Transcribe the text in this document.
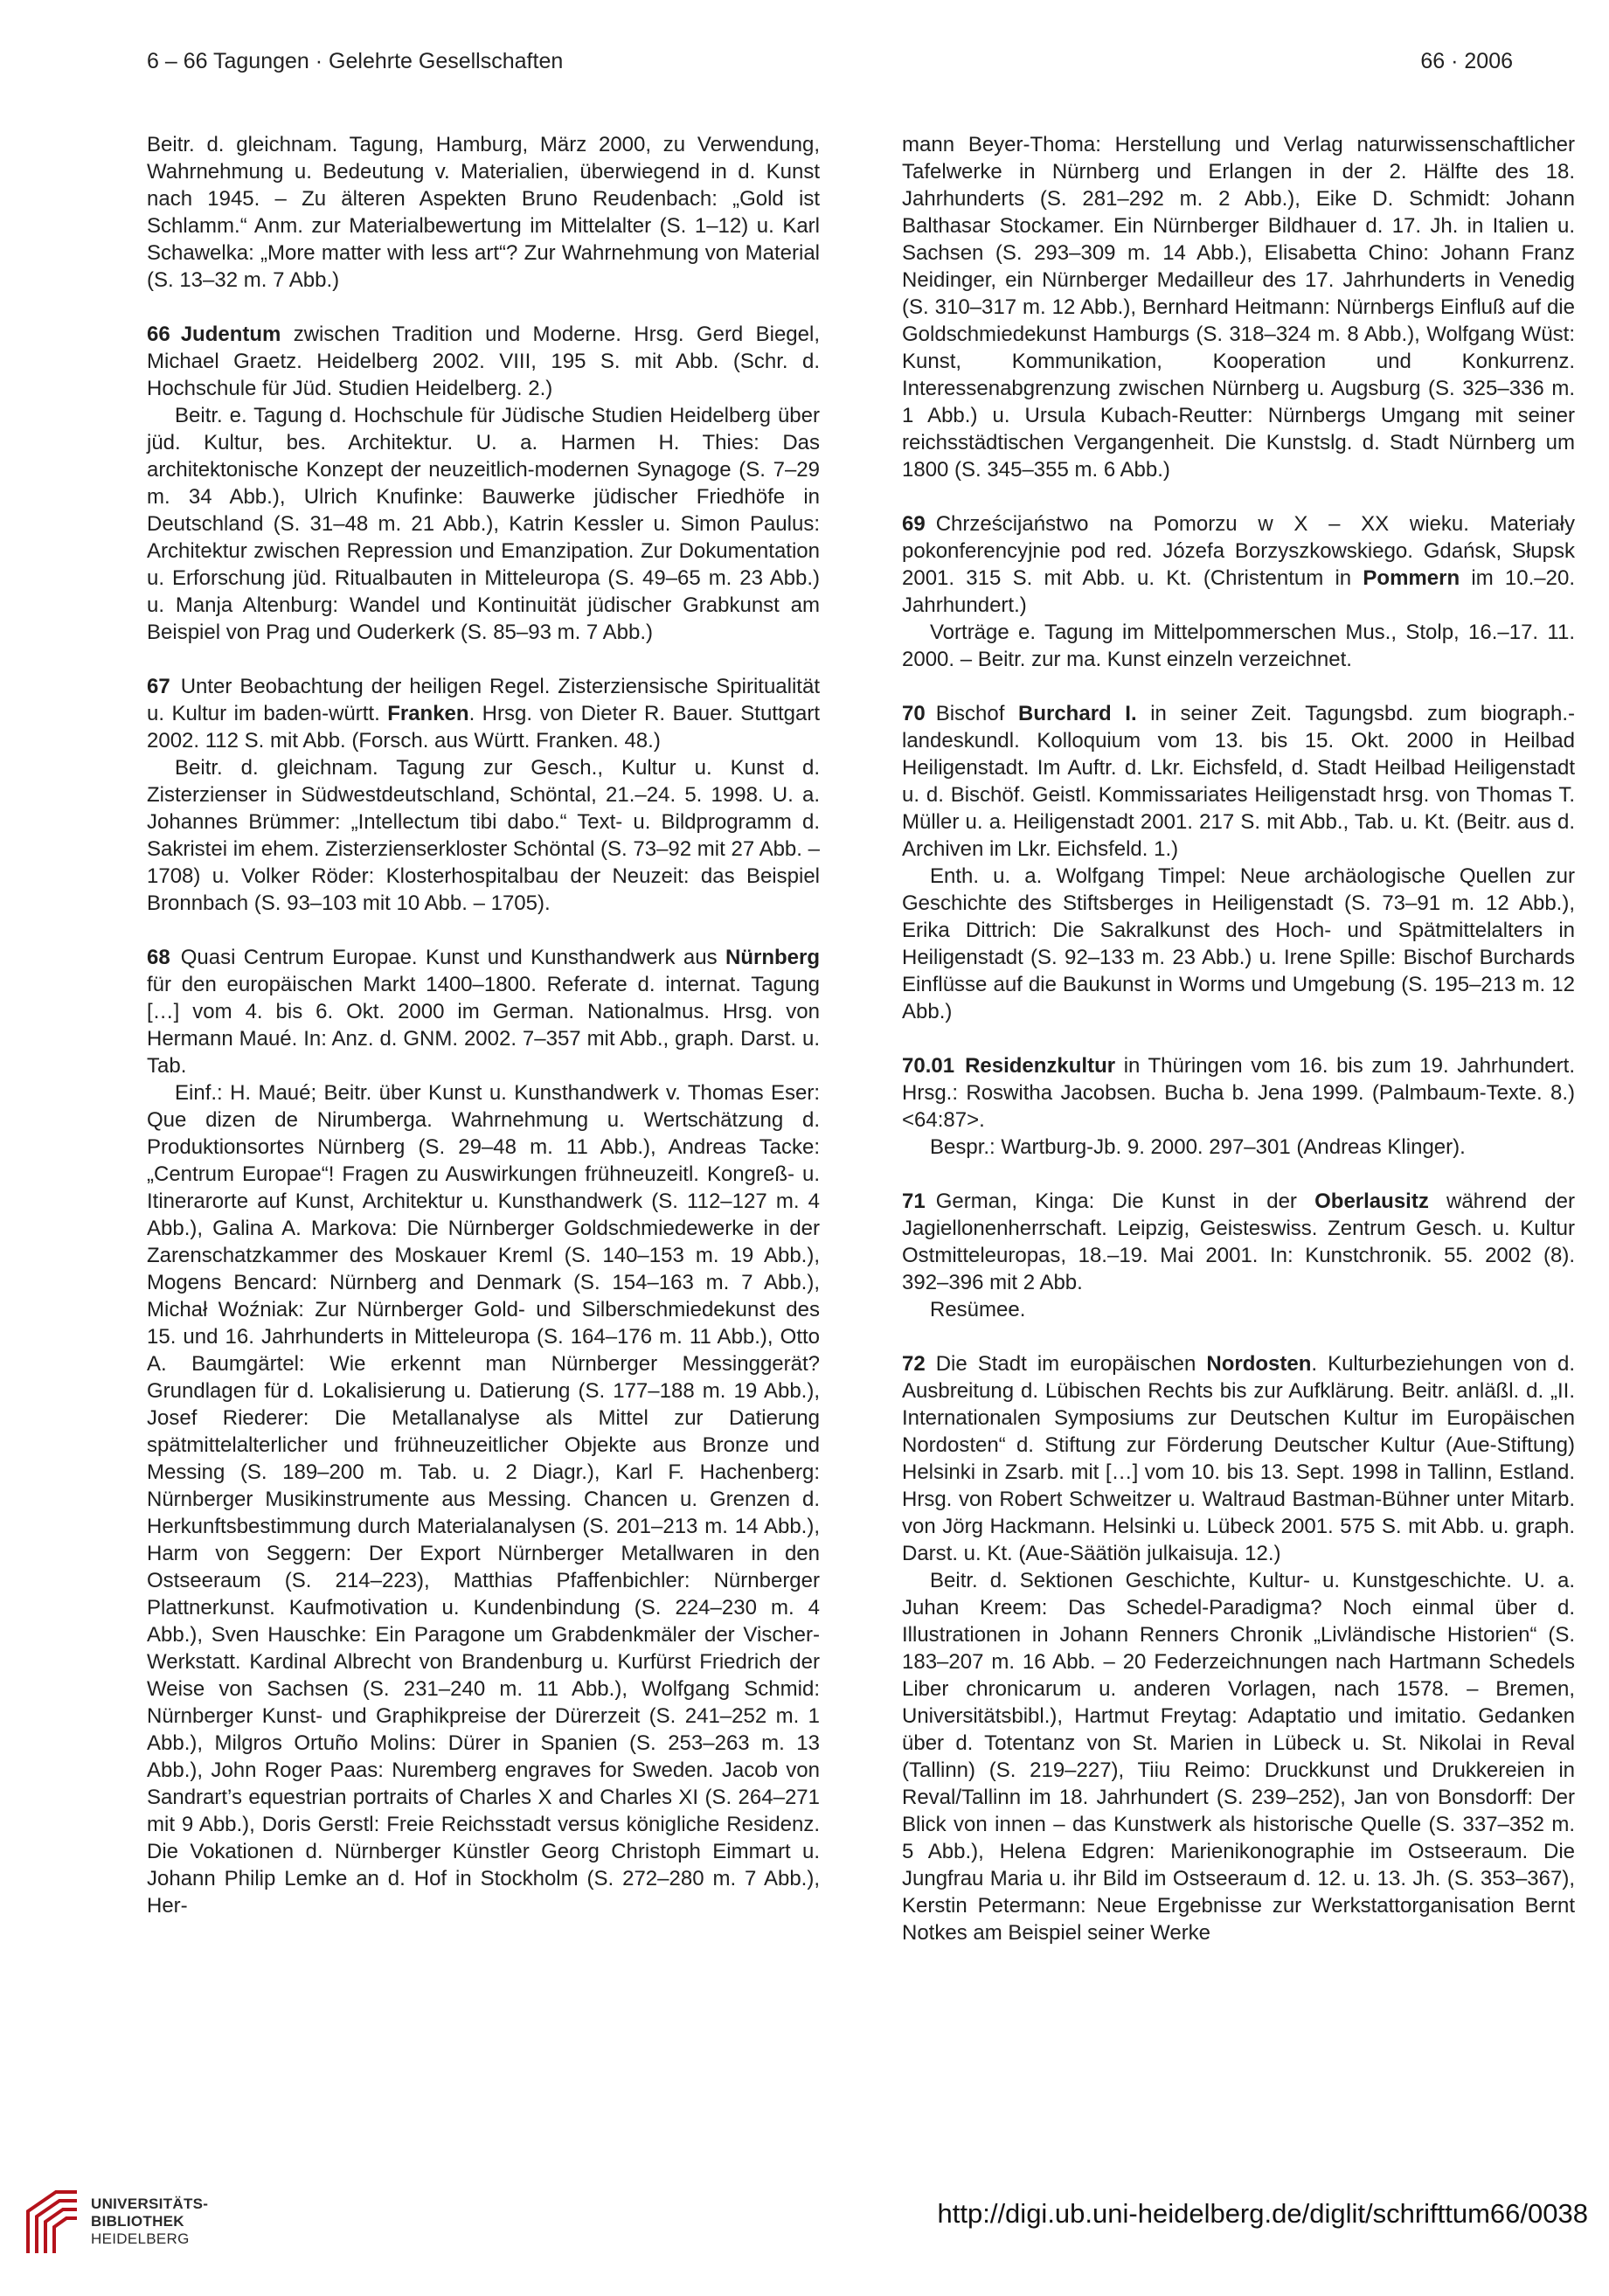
6 – 66 Tagungen · Gelehrte Gesellschaften	66 · 2006

Beitr. d. gleichnam. Tagung, Hamburg, März 2000, zu Verwendung, Wahrnehmung u. Bedeutung v. Materialien, überwiegend in d. Kunst nach 1945. – Zu älteren Aspekten Bruno Reudenbach: „Gold ist Schlamm.“ Anm. zur Materialbewertung im Mittelalter (S. 1–12) u. Karl Schawelka: „More matter with less art“? Zur Wahrnehmung von Material (S. 13–32 m. 7 Abb.)

66 Judentum zwischen Tradition und Moderne. Hrsg. Gerd Biegel, Michael Graetz. Heidelberg 2002. VIII, 195 S. mit Abb. (Schr. d. Hochschule für Jüd. Studien Heidelberg. 2.)

Beitr. e. Tagung d. Hochschule für Jüdische Studien Heidelberg über jüd. Kultur, bes. Architektur. U. a. Harmen H. Thies: Das architektonische Konzept der neuzeitlich-modernen Synagoge (S. 7–29 m. 34 Abb.), Ulrich Knufinke: Bauwerke jüdischer Friedhöfe in Deutschland (S. 31–48 m. 21 Abb.), Katrin Kessler u. Simon Paulus: Architektur zwischen Repression und Emanzipation. Zur Dokumentation u. Erforschung jüd. Ritualbauten in Mitteleuropa (S. 49–65 m. 23 Abb.) u. Manja Altenburg: Wandel und Kontinuität jüdischer Grabkunst am Beispiel von Prag und Ouderkerk (S. 85–93 m. 7 Abb.)

67 Unter Beobachtung der heiligen Regel. Zisterziensische Spiritualität u. Kultur im baden-württ. Franken. Hrsg. von Dieter R. Bauer. Stuttgart 2002. 112 S. mit Abb. (Forsch. aus Württ. Franken. 48.)

Beitr. d. gleichnam. Tagung zur Gesch., Kultur u. Kunst d. Zisterzienser in Südwestdeutschland, Schöntal, 21.–24. 5. 1998. U. a. Johannes Brümmer: „Intellectum tibi dabo.“ Text- u. Bildprogramm d. Sakristei im ehem. Zisterzienserkloster Schöntal (S. 73–92 mit 27 Abb. – 1708) u. Volker Röder: Klosterhospitalbau der Neuzeit: das Beispiel Bronnbach (S. 93–103 mit 10 Abb. – 1705).

68 Quasi Centrum Europae. Kunst und Kunsthandwerk aus Nürnberg für den europäischen Markt 1400–1800. Referate d. internat. Tagung […] vom 4. bis 6. Okt. 2000 im German. Nationalmus. Hrsg. von Hermann Maué. In: Anz. d. GNM. 2002. 7–357 mit Abb., graph. Darst. u. Tab.

Einf.: H. Maué; Beitr. über Kunst u. Kunsthandwerk v. Thomas Eser: Que dizen de Nirumberga. Wahrnehmung u. Wertschätzung d. Produktionsortes Nürnberg (S. 29–48 m. 11 Abb.), Andreas Tacke: „Centrum Europae“! Fragen zu Auswirkungen frühneuzeitl. Kongreß- u. Itinerarorte auf Kunst, Architektur u. Kunsthandwerk (S. 112–127 m. 4 Abb.), Galina A. Markova: Die Nürnberger Goldschmiedewerke in der Zarenschatzkammer des Moskauer Kreml (S. 140–153 m. 19 Abb.), Mogens Bencard: Nürnberg and Denmark (S. 154–163 m. 7 Abb.), Michał Woźniak: Zur Nürnberger Gold- und Silberschmiedekunst des 15. und 16. Jahrhunderts in Mitteleuropa (S. 164–176 m. 11 Abb.), Otto A. Baumgärtel: Wie erkennt man Nürnberger Messinggerät? Grundlagen für d. Lokalisierung u. Datierung (S. 177–188 m. 19 Abb.), Josef Riederer: Die Metallanalyse als Mittel zur Datierung spätmittelalterlicher und frühneuzeitlicher Objekte aus Bronze und Messing (S. 189–200 m. Tab. u. 2 Diagr.), Karl F. Hachenberg: Nürnberger Musikinstrumente aus Messing. Chancen u. Grenzen d. Herkunftsbestimmung durch Materialanalysen (S. 201–213 m. 14 Abb.), Harm von Seggern: Der Export Nürnberger Metallwaren in den Ostseeraum (S. 214–223), Matthias Pfaffenbichler: Nürnberger Plattnerkunst. Kaufmotivation u. Kundenbindung (S. 224–230 m. 4 Abb.), Sven Hauschke: Ein Paragone um Grabdenkmäler der Vischer-Werkstatt. Kardinal Albrecht von Brandenburg u. Kurfürst Friedrich der Weise von Sachsen (S. 231–240 m. 11 Abb.), Wolfgang Schmid: Nürnberger Kunst- und Graphikpreise der Dürerzeit (S. 241–252 m. 1 Abb.), Milgros Ortuño Molins: Dürer in Spanien (S. 253–263 m. 13 Abb.), John Roger Paas: Nuremberg engraves for Sweden. Jacob von Sandrart’s equestrian portraits of Charles X and Charles XI (S. 264–271 mit 9 Abb.), Doris Gerstl: Freie Reichsstadt versus königliche Residenz. Die Vokationen d. Nürnberger Künstler Georg Christoph Eimmart u. Johann Philip Lemke an d. Hof in Stockholm (S. 272–280 m. 7 Abb.), Her-

mann Beyer-Thoma: Herstellung und Verlag naturwissenschaftlicher Tafelwerke in Nürnberg und Erlangen in der 2. Hälfte des 18. Jahrhunderts (S. 281–292 m. 2 Abb.), Eike D. Schmidt: Johann Balthasar Stockamer. Ein Nürnberger Bildhauer d. 17. Jh. in Italien u. Sachsen (S. 293–309 m. 14 Abb.), Elisabetta Chino: Johann Franz Neidinger, ein Nürnberger Medailleur des 17. Jahrhunderts in Venedig (S. 310–317 m. 12 Abb.), Bernhard Heitmann: Nürnbergs Einfluß auf die Goldschmiedekunst Hamburgs (S. 318–324 m. 8 Abb.), Wolfgang Wüst: Kunst, Kommunikation, Kooperation und Konkurrenz. Interessenabgrenzung zwischen Nürnberg u. Augsburg (S. 325–336 m. 1 Abb.) u. Ursula Kubach-Reutter: Nürnbergs Umgang mit seiner reichsstädtischen Vergangenheit. Die Kunstslg. d. Stadt Nürnberg um 1800 (S. 345–355 m. 6 Abb.)

69 Chrześcijaństwo na Pomorzu w X – XX wieku. Materiały pokonferencyjnie pod red. Józefa Borzyszkowskiego. Gdańsk, Słupsk 2001. 315 S. mit Abb. u. Kt. (Christentum in Pommern im 10.–20. Jahrhundert.)

Vorträge e. Tagung im Mittelpommerschen Mus., Stolp, 16.–17. 11. 2000. – Beitr. zur ma. Kunst einzeln verzeichnet.

70 Bischof Burchard I. in seiner Zeit. Tagungsbd. zum biograph.-landeskundl. Kolloquium vom 13. bis 15. Okt. 2000 in Heilbad Heiligenstadt. Im Auftr. d. Lkr. Eichsfeld, d. Stadt Heilbad Heiligenstadt u. d. Bischöf. Geistl. Kommissariates Heiligenstadt hrsg. von Thomas T. Müller u. a. Heiligenstadt 2001. 217 S. mit Abb., Tab. u. Kt. (Beitr. aus d. Archiven im Lkr. Eichsfeld. 1.)

Enth. u. a. Wolfgang Timpel: Neue archäologische Quellen zur Geschichte des Stiftsberges in Heiligenstadt (S. 73–91 m. 12 Abb.), Erika Dittrich: Die Sakralkunst des Hoch- und Spätmittelalters in Heiligenstadt (S. 92–133 m. 23 Abb.) u. Irene Spille: Bischof Burchards Einflüsse auf die Baukunst in Worms und Umgebung (S. 195–213 m. 12 Abb.)

70.01 Residenzkultur in Thüringen vom 16. bis zum 19. Jahrhundert. Hrsg.: Roswitha Jacobsen. Bucha b. Jena 1999. (Palmbaum-Texte. 8.) <64:87>.

Bespr.: Wartburg-Jb. 9. 2000. 297–301 (Andreas Klinger).

71 German, Kinga: Die Kunst in der Oberlausitz während der Jagiellonenherrschaft. Leipzig, Geisteswiss. Zentrum Gesch. u. Kultur Ostmitteleuropas, 18.–19. Mai 2001. In: Kunstchronik. 55. 2002 (8). 392–396 mit 2 Abb.

Resümee.

72 Die Stadt im europäischen Nordosten. Kulturbeziehungen von d. Ausbreitung d. Lübischen Rechts bis zur Aufklärung. Beitr. anläßl. d. „II. Internationalen Symposiums zur Deutschen Kultur im Europäischen Nordosten“ d. Stiftung zur Förderung Deutscher Kultur (Aue-Stiftung) Helsinki in Zsarb. mit […] vom 10. bis 13. Sept. 1998 in Tallinn, Estland. Hrsg. von Robert Schweitzer u. Waltraud Bastman-Bühner unter Mitarb. von Jörg Hackmann. Helsinki u. Lübeck 2001. 575 S. mit Abb. u. graph. Darst. u. Kt. (Aue-Säätiön julkaisuja. 12.)

Beitr. d. Sektionen Geschichte, Kultur- u. Kunstgeschichte. U. a. Juhan Kreem: Das Schedel-Paradigma? Noch einmal über d. Illustrationen in Johann Renners Chronik „Livländische Historien“ (S. 183–207 m. 16 Abb. – 20 Federzeichnungen nach Hartmann Schedels Liber chronicarum u. anderen Vorlagen, nach 1578. – Bremen, Universitätsbibl.), Hartmut Freytag: Adaptatio und imitatio. Gedanken über d. Totentanz von St. Marien in Lübeck u. St. Nikolai in Reval (Tallinn) (S. 219–227), Tiiu Reimo: Druckkunst und Drukkereien in Reval/Tallinn im 18. Jahrhundert (S. 239–252), Jan von Bonsdorff: Der Blick von innen – das Kunstwerk als historische Quelle (S. 337–352 m. 5 Abb.), Helena Edgren: Marienikonographie im Ostseeraum. Die Jungfrau Maria u. ihr Bild im Ostseeraum d. 12. u. 13. Jh. (S. 353–367), Kerstin Petermann: Neue Ergebnisse zur Werkstattorganisation Bernt Notkes am Beispiel seiner Werke

UNIVERSITÄTS-
BIBLIOTHEK
HEIDELBERG
http://digi.ub.uni-heidelberg.de/diglit/schrifttum66/0038
